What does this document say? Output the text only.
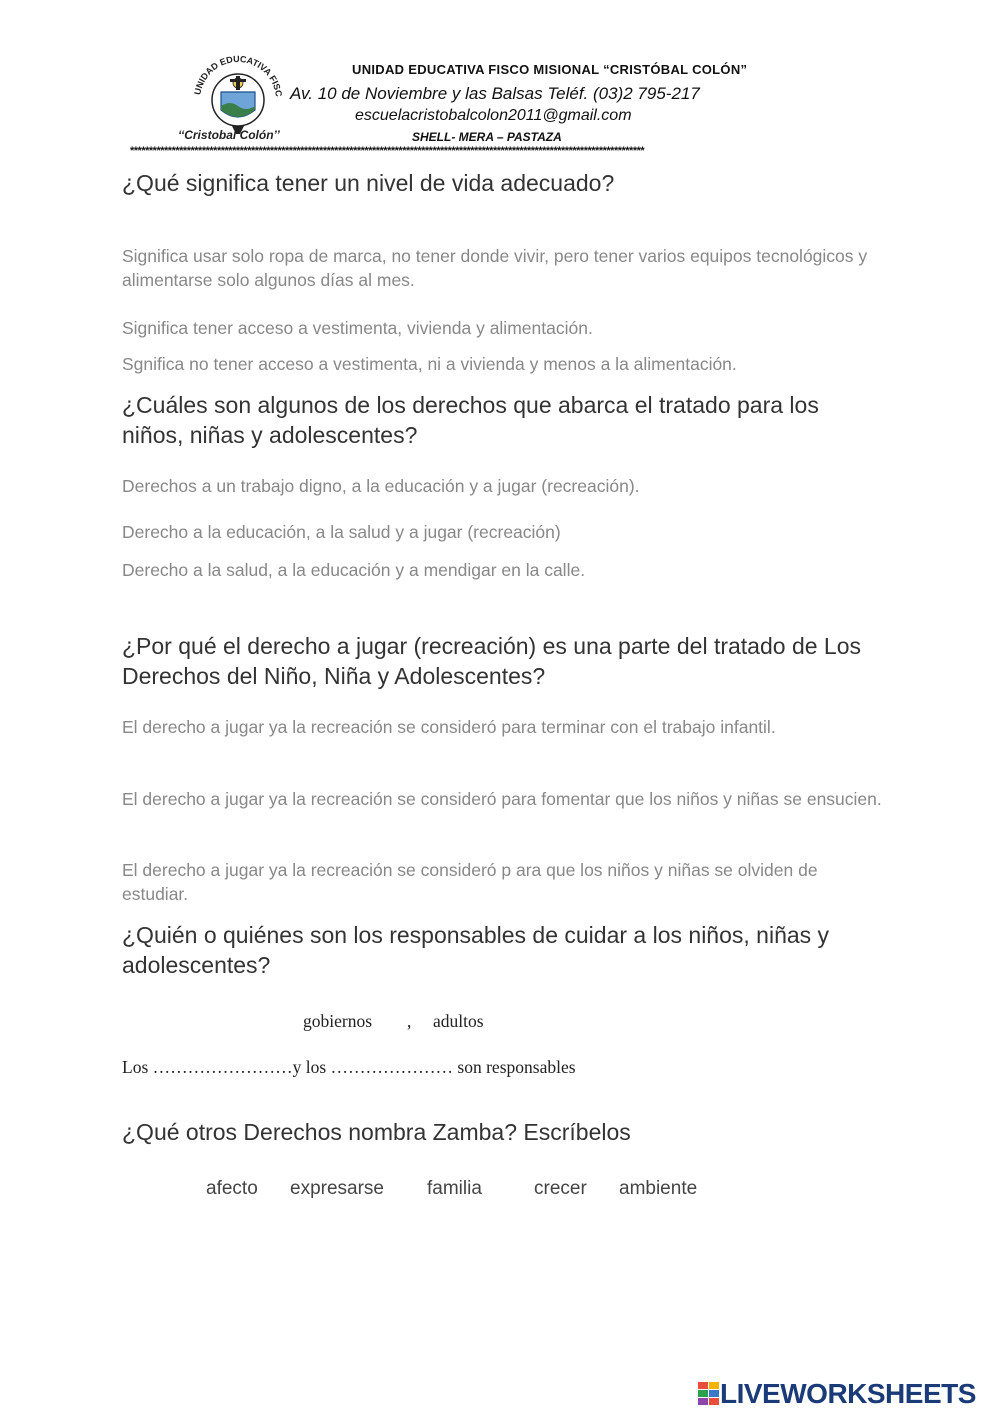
UNIDAD EDUCATIVA FISC
‘‘Cristobal Colón’’
UNIDAD EDUCATIVA FISCO MISIONAL “CRISTÓBAL COLÓN”
Av. 10 de Noviembre y las Balsas Teléf. (03)2 795-217
escuelacristobalcolon2011@gmail.com
SHELL- MERA – PASTAZA
****************************************************************************************************************************************
¿Qué significa tener un nivel de vida adecuado?
Significa usar solo ropa de marca, no tener donde vivir, pero tener varios equipos tecnológicos y alimentarse solo algunos días al mes.
Significa tener acceso a vestimenta, vivienda y alimentación.
Sgnifica no tener acceso a vestimenta, ni a vivienda y menos a la alimentación.
¿Cuáles son algunos de los derechos que abarca el tratado para los niños, niñas y adolescentes?
Derechos a un trabajo digno, a la educación y a jugar (recreación).
Derecho a la educación, a la salud y a jugar (recreación)
Derecho a la salud, a la educación y a mendigar en la calle.
¿Por qué el derecho a jugar (recreación) es una parte del tratado de Los Derechos del Niño, Niña y Adolescentes?
El derecho a jugar ya la recreación se consideró para terminar con el trabajo infantil.
El derecho a jugar ya la recreación se consideró para fomentar que los niños y niñas se ensucien.
El derecho a jugar ya la recreación se consideró p ara que los niños y niñas se olviden de estudiar.
¿Quién o quiénes son los responsables de cuidar a los niños, niñas y adolescentes?
gobiernos , adultos
Los ……………………y los ………………… son responsables
¿Qué otros Derechos nombra Zamba? Escríbelos
afecto expresarse familia	crecer ambiente
LIVEWORKSHEETS
